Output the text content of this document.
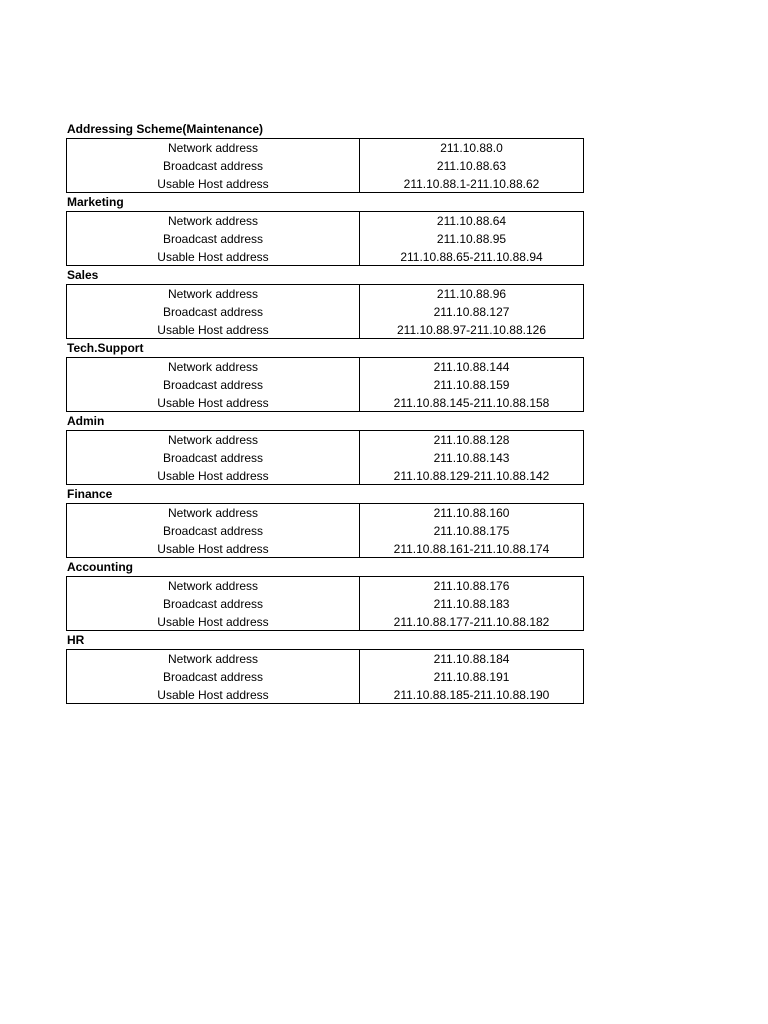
Addressing Scheme(Maintenance)
Network address
Broadcast address
Usable Host address
211.10.88.0
211.10.88.63
211.10.88.1-211.10.88.62
Marketing
Network address
Broadcast address
Usable Host address
211.10.88.64
211.10.88.95
211.10.88.65-211.10.88.94
Sales
Network address
Broadcast address
Usable Host address
211.10.88.96
211.10.88.127
211.10.88.97-211.10.88.126
Tech.Support
Network address
Broadcast address
Usable Host address
211.10.88.144
211.10.88.159
211.10.88.145-211.10.88.158
Admin
Network address
Broadcast address
Usable Host address
211.10.88.128
211.10.88.143
211.10.88.129-211.10.88.142
Finance
Network address
Broadcast address
Usable Host address
211.10.88.160
211.10.88.175
211.10.88.161-211.10.88.174
Accounting
Network address
Broadcast address
Usable Host address
211.10.88.176
211.10.88.183
211.10.88.177-211.10.88.182
HR
Network address
Broadcast address
Usable Host address
211.10.88.184
211.10.88.191
211.10.88.185-211.10.88.190
